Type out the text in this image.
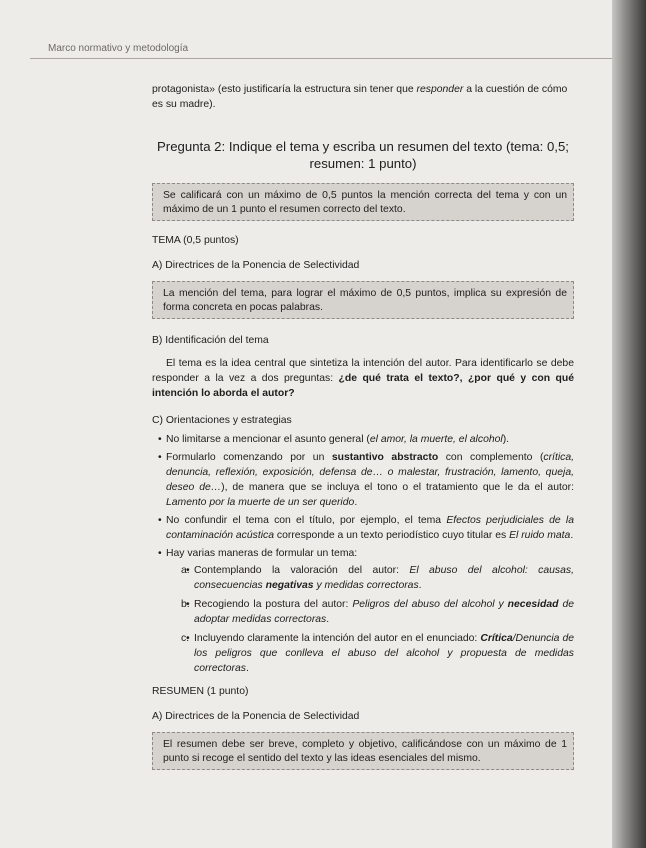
Marco normativo y metodología

protagonista» (esto justificaría la estructura sin tener que responder a la cuestión de cómo es su madre).

Pregunta 2: Indique el tema y escriba un resumen del texto (tema: 0,5;
resumen: 1 punto)
Se calificará con un máximo de 0,5 puntos la mención correcta del tema y con un máximo de un 1 punto el resumen correcto del texto.

TEMA (0,5 puntos)

A) Directrices de la Ponencia de Selectividad

La mención del tema, para lograr el máximo de 0,5 puntos, implica su expresión de forma concreta en pocas palabras.

B) Identificación del tema

El tema es la idea central que sintetiza la intención del autor. Para identificarlo se debe responder a la vez a dos preguntas: ¿de qué trata el texto?, ¿por qué y con qué intención lo aborda el autor?

C) Orientaciones y estrategias

• No limitarse a mencionar el asunto general (el amor, la muerte, el alcohol).
• Formularlo comenzando por un sustantivo abstracto con complemento (crítica, denuncia, reflexión, exposición, defensa de… o malestar, frustración, lamento, queja, deseo de…), de manera que se incluya el tono o el tratamiento que le da el autor: Lamento por la muerte de un ser querido.
• No confundir el tema con el título, por ejemplo, el tema Efectos perjudiciales de la contaminación acústica corresponde a un texto periodístico cuyo titular es El ruido mata.
• Hay varias maneras de formular un tema:
• a. Contemplando la valoración del autor: El abuso del alcohol: causas, consecuencias negativas y medidas correctoras.
• b. Recogiendo la postura del autor: Peligros del abuso del alcohol y necesidad de adoptar medidas correctoras.
• c. Incluyendo claramente la intención del autor en el enunciado: Crítica/Denuncia de los peligros que conlleva el abuso del alcohol y propuesta de medidas correctoras.

RESUMEN (1 punto)

A) Directrices de la Ponencia de Selectividad

El resumen debe ser breve, completo y objetivo, calificándose con un máximo de 1 punto si recoge el sentido del texto y las ideas esenciales del mismo.
